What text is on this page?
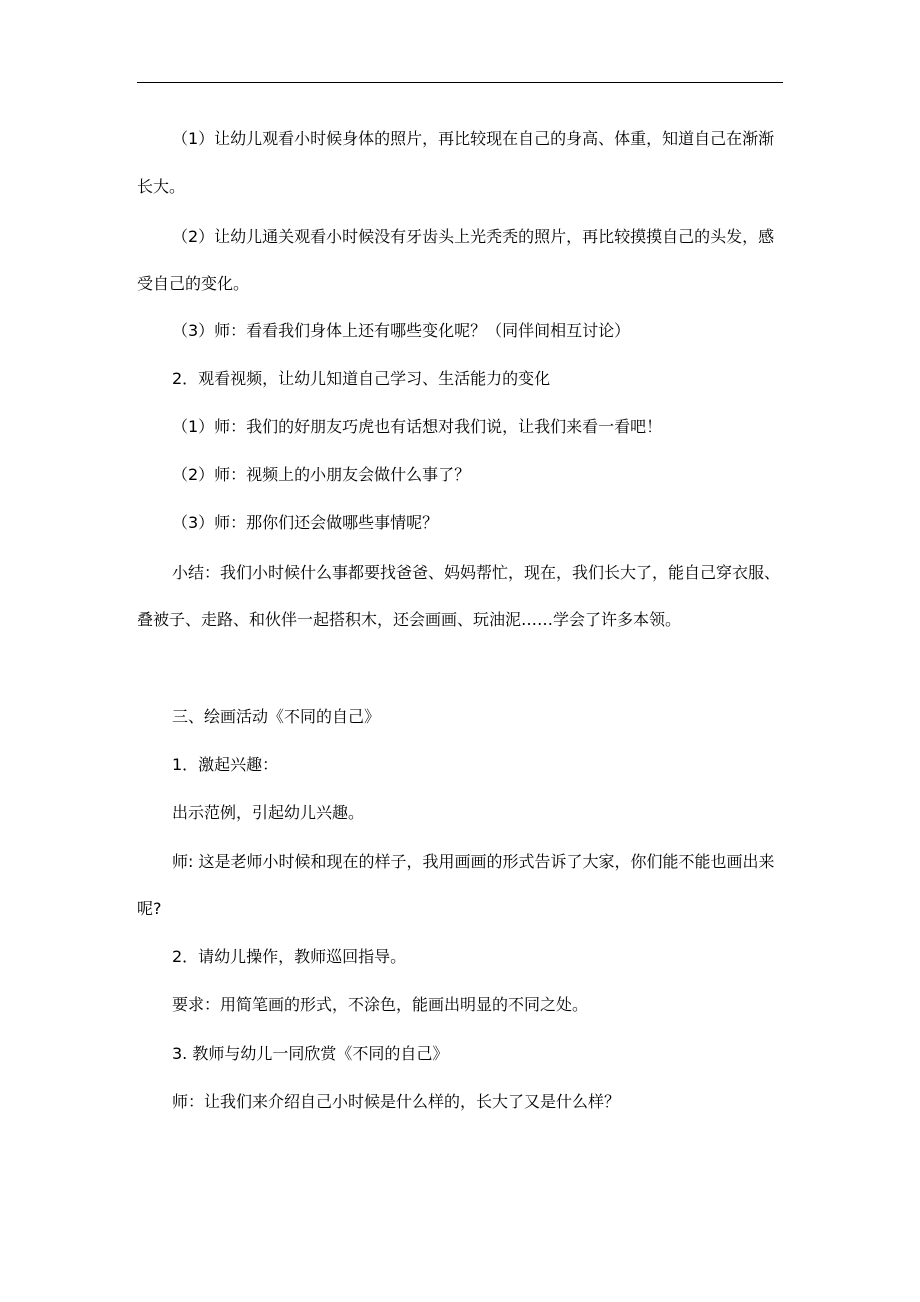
（1）让幼儿观看小时候身体的照片，再比较现在自己的身高、体重，知道自己在渐渐
长大。
（2）让幼儿通关观看小时候没有牙齿头上光秃秃的照片，再比较摸摸自己的头发，感
受自己的变化。
（3）师：看看我们身体上还有哪些变化呢？（同伴间相互讨论）
2．观看视频，让幼儿知道自己学习、生活能力的变化
（1）师：我们的好朋友巧虎也有话想对我们说，让我们来看一看吧！
（2）师：视频上的小朋友会做什么事了？
（3）师：那你们还会做哪些事情呢？
小结：我们小时候什么事都要找爸爸、妈妈帮忙，现在，我们长大了，能自己穿衣服、
叠被子、走路、和伙伴一起搭积木，还会画画、玩油泥……学会了许多本领。
三、绘画活动《不同的自己》
1．激起兴趣：
出示范例，引起幼儿兴趣。
师: 这是老师小时候和现在的样子，我用画画的形式告诉了大家，你们能不能也画出来
呢?
2．请幼儿操作，教师巡回指导。
要求：用简笔画的形式，不涂色，能画出明显的不同之处。
3. 教师与幼儿一同欣赏《不同的自己》
师：让我们来介绍自己小时候是什么样的，长大了又是什么样？
